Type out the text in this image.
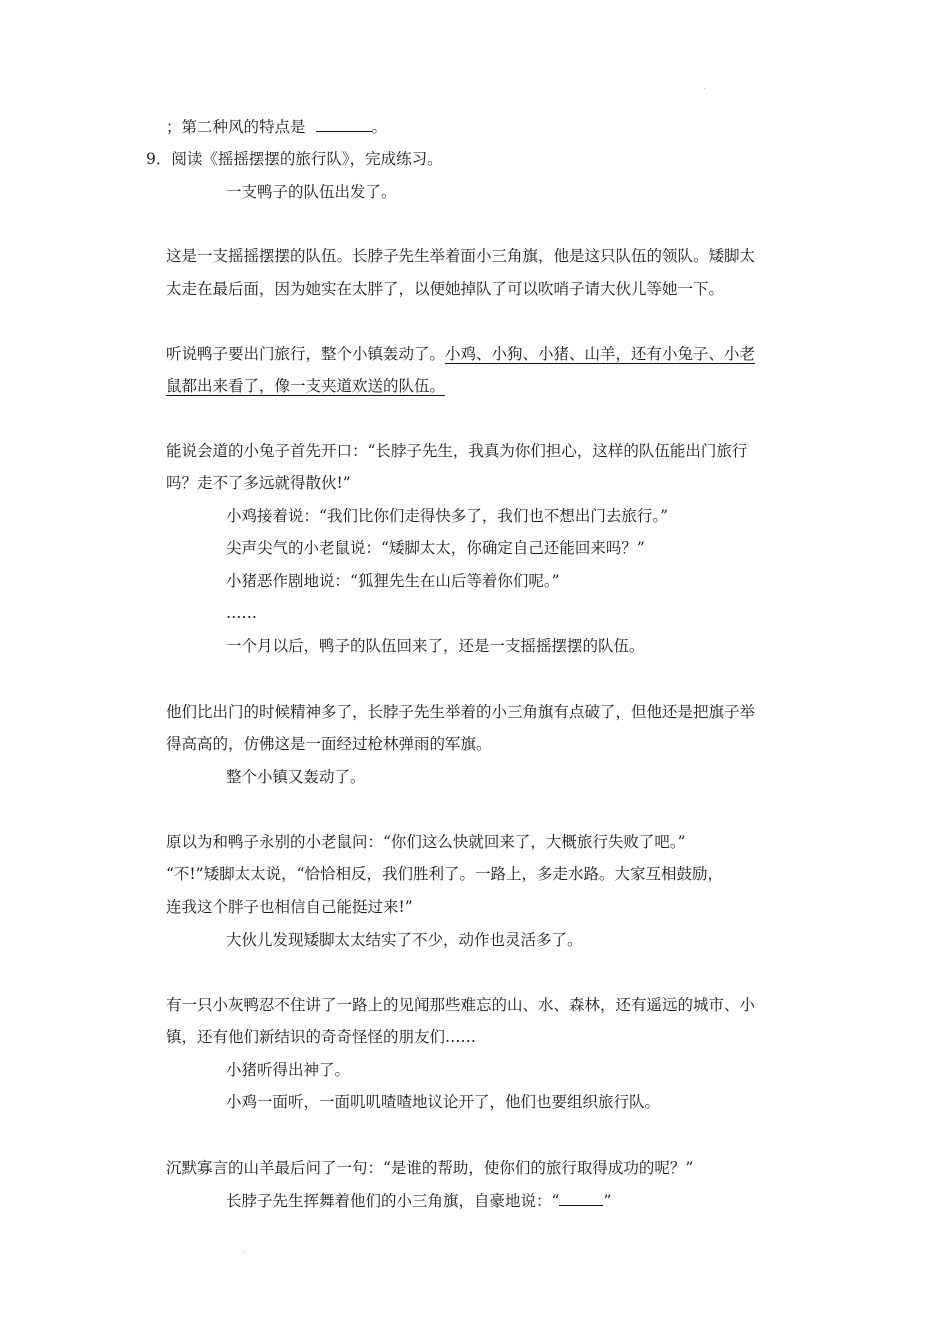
；第二种风的特点是	。
9．阅读《摇摇摆摆的旅行队》，完成练习。
一支鸭子的队伍出发了。
这是一支摇摇摆摆的队伍。长脖子先生举着面小三角旗，他是这只队伍的领队。矮脚太
太走在最后面，因为她实在太胖了，以便她掉队了可以吹哨子请大伙儿等她一下。
听说鸭子要出门旅行，整个小镇轰动了。小鸡、小狗、小猪、山羊，还有小兔子、小老
鼠都出来看了，像一支夹道欢送的队伍。
能说会道的小兔子首先开口：“长脖子先生，我真为你们担心，这样的队伍能出门旅行
吗？走不了多远就得散伙!”
小鸡接着说：“我们比你们走得快多了，我们也不想出门去旅行。”
尖声尖气的小老鼠说：“矮脚太太，你确定自己还能回来吗？”
小猪恶作剧地说：“狐狸先生在山后等着你们呢。”
……
一个月以后，鸭子的队伍回来了，还是一支摇摇摆摆的队伍。
他们比出门的时候精神多了，长脖子先生举着的小三角旗有点破了，但他还是把旗子举
得高高的，仿佛这是一面经过枪林弹雨的军旗。
整个小镇又轰动了。
原以为和鸭子永别的小老鼠问：“你们这么快就回来了，大概旅行失败了吧。”
“不!”矮脚太太说，“恰恰相反，我们胜利了。一路上，多走水路。大家互相鼓励，
连我这个胖子也相信自己能挺过来!”
大伙儿发现矮脚太太结实了不少，动作也灵活多了。
有一只小灰鸭忍不住讲了一路上的见闻那些难忘的山、水、森林，还有遥远的城市、小
镇，还有他们新结识的奇奇怪怪的朋友们……
小猪听得出神了。
小鸡一面听，一面叽叽喳喳地议论开了，他们也要组织旅行队。
沉默寡言的山羊最后问了一句：“是谁的帮助，使你们的旅行取得成功的呢？”
长脖子先生挥舞着他们的小三角旗，自豪地说：“	”
